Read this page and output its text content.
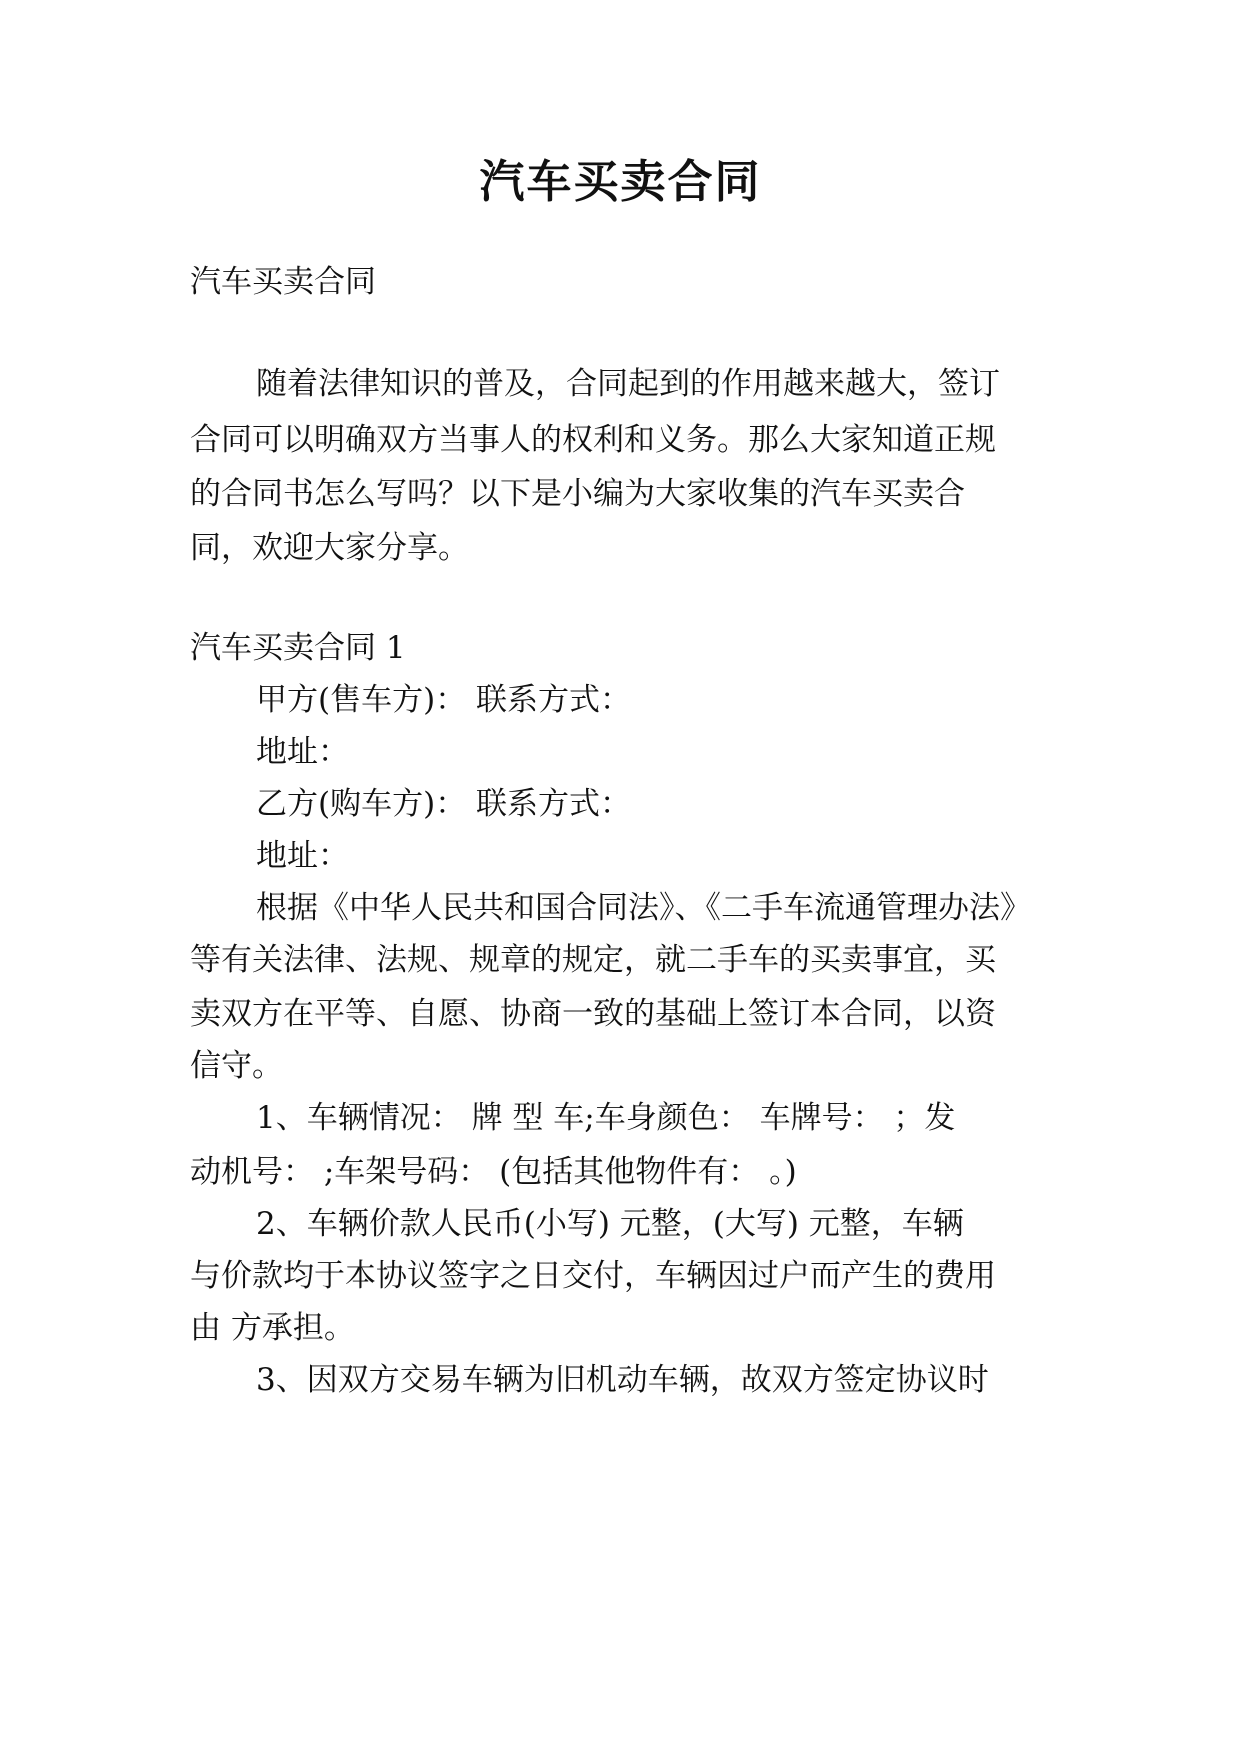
汽车买卖合同
汽车买卖合同
随着法律知识的普及，合同起到的作用越来越大，签订
合同可以明确双方当事人的权利和义务。那么大家知道正规
的合同书怎么写吗？以下是小编为大家收集的汽车买卖合
同，欢迎大家分享。
汽车买卖合同 1
甲方(售车方)： 联系方式：
地址：
乙方(购车方)： 联系方式：
地址：
根据《中华人民共和国合同法》、《二手车流通管理办法》
等有关法律、法规、规章的规定，就二手车的买卖事宜，买
卖双方在平等、自愿、协商一致的基础上签订本合同，以资
信守。
1、车辆情况： 牌 型 车;车身颜色： 车牌号： ；发
动机号： ;车架号码： (包括其他物件有： 。)
2、车辆价款人民币(小写) 元整，(大写) 元整，车辆
与价款均于本协议签字之日交付，车辆因过户而产生的费用
由 方承担。
3、因双方交易车辆为旧机动车辆，故双方签定协议时
